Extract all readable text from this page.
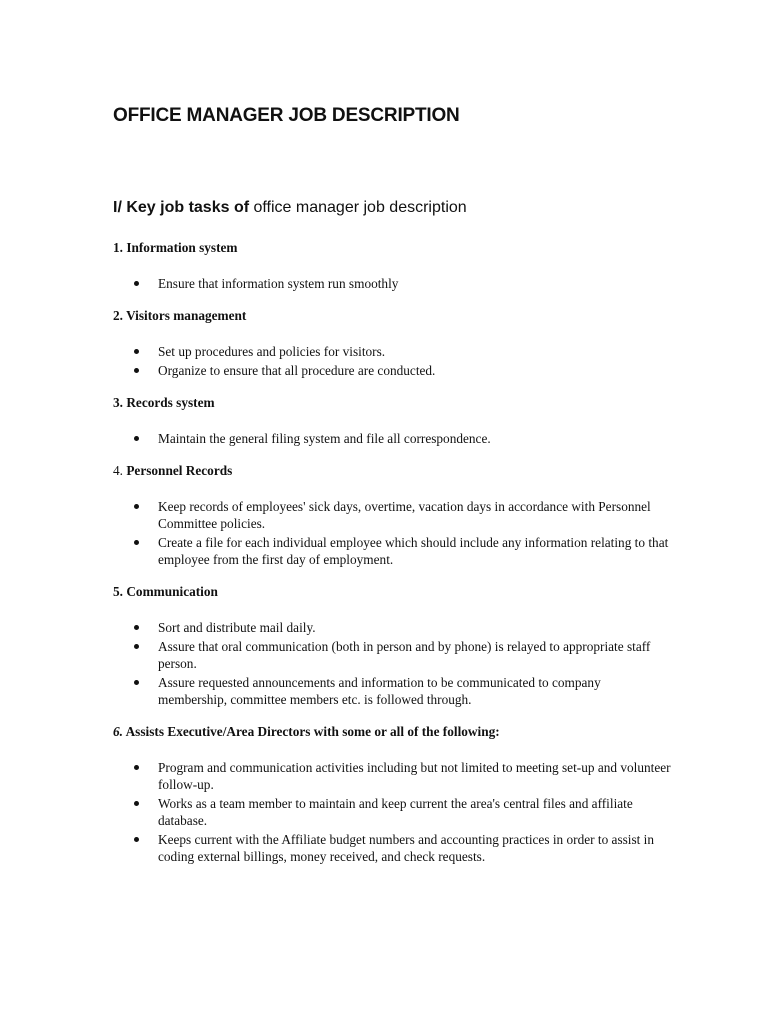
OFFICE MANAGER JOB DESCRIPTION

I/ Key job tasks of office manager job description

1. Information system

Ensure that information system run smoothly

2. Visitors management

Set up procedures and policies for visitors.
Organize to ensure that all procedure are conducted.

3. Records system

Maintain the general filing system and file all correspondence.

4. Personnel Records

Keep records of employees' sick days, overtime, vacation days in accordance with Personnel Committee policies.
Create a file for each individual employee which should include any information relating to that employee from the first day of employment.

5. Communication

Sort and distribute mail daily.
Assure that oral communication (both in person and by phone) is relayed to appropriate staff person.
Assure requested announcements and information to be communicated to company membership, committee members etc. is followed through.

6. Assists Executive/Area Directors with some or all of the following:

Program and communication activities including but not limited to meeting set-up and volunteer follow-up.
Works as a team member to maintain and keep current the area's central files and affiliate database.
Keeps current with the Affiliate budget numbers and accounting practices in order to assist in coding external billings, money received, and check requests.
